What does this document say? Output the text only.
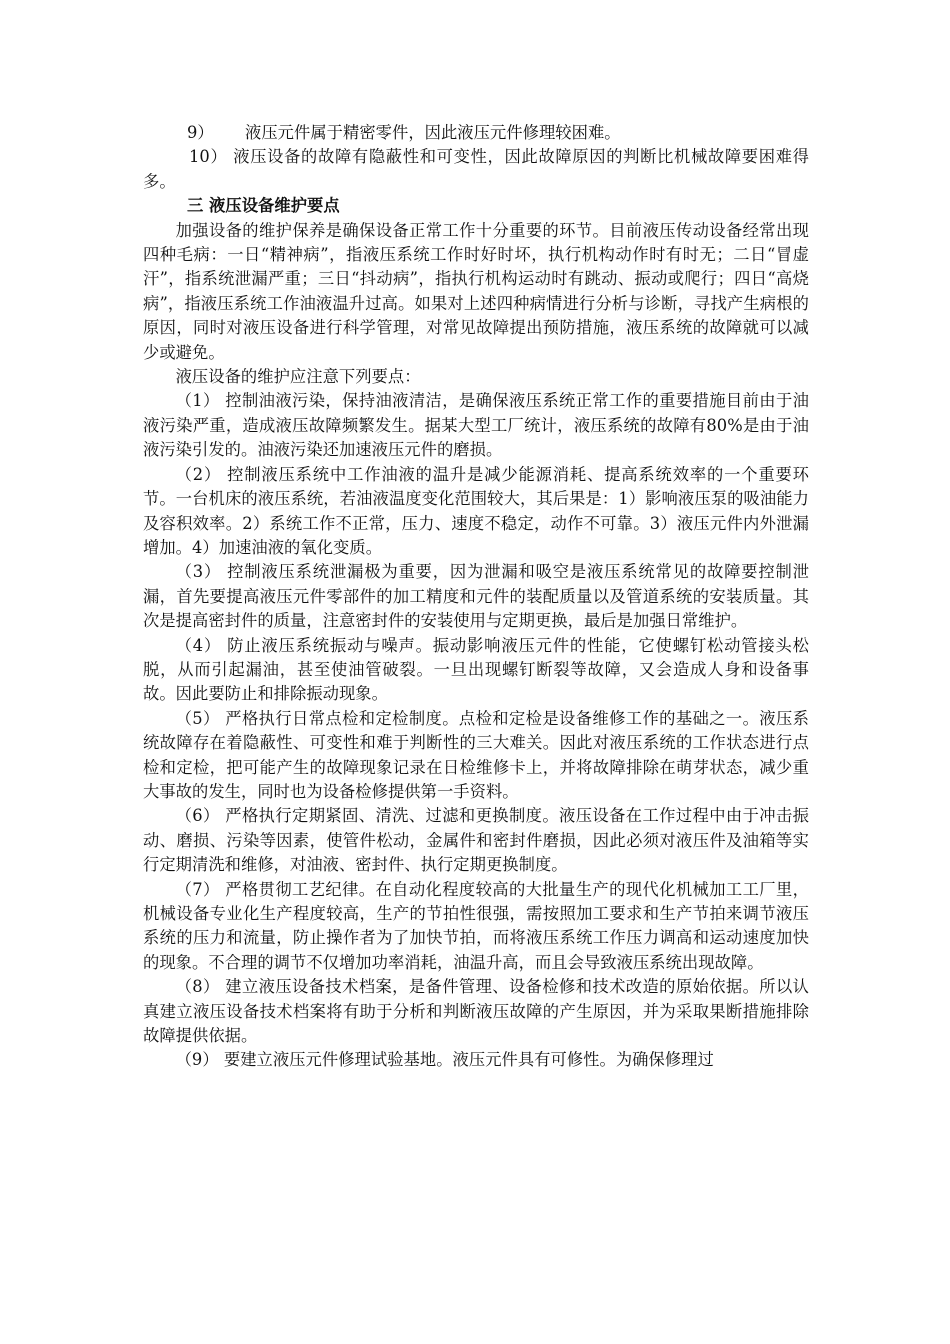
9） 液压元件属于精密零件，因此液压元件修理较困难。

10） 液压设备的故障有隐蔽性和可变性，因此故障原因的判断比机械故障要困难得多。

三 液压设备维护要点

加强设备的维护保养是确保设备正常工作十分重要的环节。目前液压传动设备经常出现四种毛病：一日“精神病”，指液压系统工作时好时坏，执行机构动作时有时无；二日“冒虚汗”，指系统泄漏严重；三日“抖动病”，指执行机构运动时有跳动、振动或爬行；四日“高烧病”，指液压系统工作油液温升过高。如果对上述四种病情进行分析与诊断，寻找产生病根的原因，同时对液压设备进行科学管理，对常见故障提出预防措施，液压系统的故障就可以减少或避免。

液压设备的维护应注意下列要点：

（1） 控制油液污染，保持油液清洁，是确保液压系统正常工作的重要措施目前由于油液污染严重，造成液压故障频繁发生。据某大型工厂统计，液压系统的故障有80%是由于油液污染引发的。油液污染还加速液压元件的磨损。

（2） 控制液压系统中工作油液的温升是减少能源消耗、提高系统效率的一个重要环节。一台机床的液压系统，若油液温度变化范围较大，其后果是：1）影响液压泵的吸油能力及容积效率。2）系统工作不正常，压力、速度不稳定，动作不可靠。3）液压元件内外泄漏增加。4）加速油液的氧化变质。

（3） 控制液压系统泄漏极为重要，因为泄漏和吸空是液压系统常见的故障要控制泄漏，首先要提高液压元件零部件的加工精度和元件的装配质量以及管道系统的安装质量。其次是提高密封件的质量，注意密封件的安装使用与定期更换，最后是加强日常维护。

（4） 防止液压系统振动与噪声。振动影响液压元件的性能，它使螺钉松动管接头松脱，从而引起漏油，甚至使油管破裂。一旦出现螺钉断裂等故障，又会造成人身和设备事故。因此要防止和排除振动现象。

（5） 严格执行日常点检和定检制度。点检和定检是设备维修工作的基础之一。液压系统故障存在着隐蔽性、可变性和难于判断性的三大难关。因此对液压系统的工作状态进行点检和定检，把可能产生的故障现象记录在日检维修卡上，并将故障排除在萌芽状态，减少重大事故的发生，同时也为设备检修提供第一手资料。

（6） 严格执行定期紧固、清洗、过滤和更换制度。液压设备在工作过程中由于冲击振动、磨损、污染等因素，使管件松动，金属件和密封件磨损，因此必须对液压件及油箱等实行定期清洗和维修，对油液、密封件、执行定期更换制度。

（7） 严格贯彻工艺纪律。在自动化程度较高的大批量生产的现代化机械加工工厂里，机械设备专业化生产程度较高，生产的节拍性很强，需按照加工要求和生产节拍来调节液压系统的压力和流量，防止操作者为了加快节拍，而将液压系统工作压力调高和运动速度加快的现象。不合理的调节不仅增加功率消耗，油温升高，而且会导致液压系统出现故障。

（8） 建立液压设备技术档案，是备件管理、设备检修和技术改造的原始依据。所以认真建立液压设备技术档案将有助于分析和判断液压故障的产生原因，并为采取果断措施排除故障提供依据。

（9） 要建立液压元件修理试验基地。液压元件具有可修性。为确保修理过
